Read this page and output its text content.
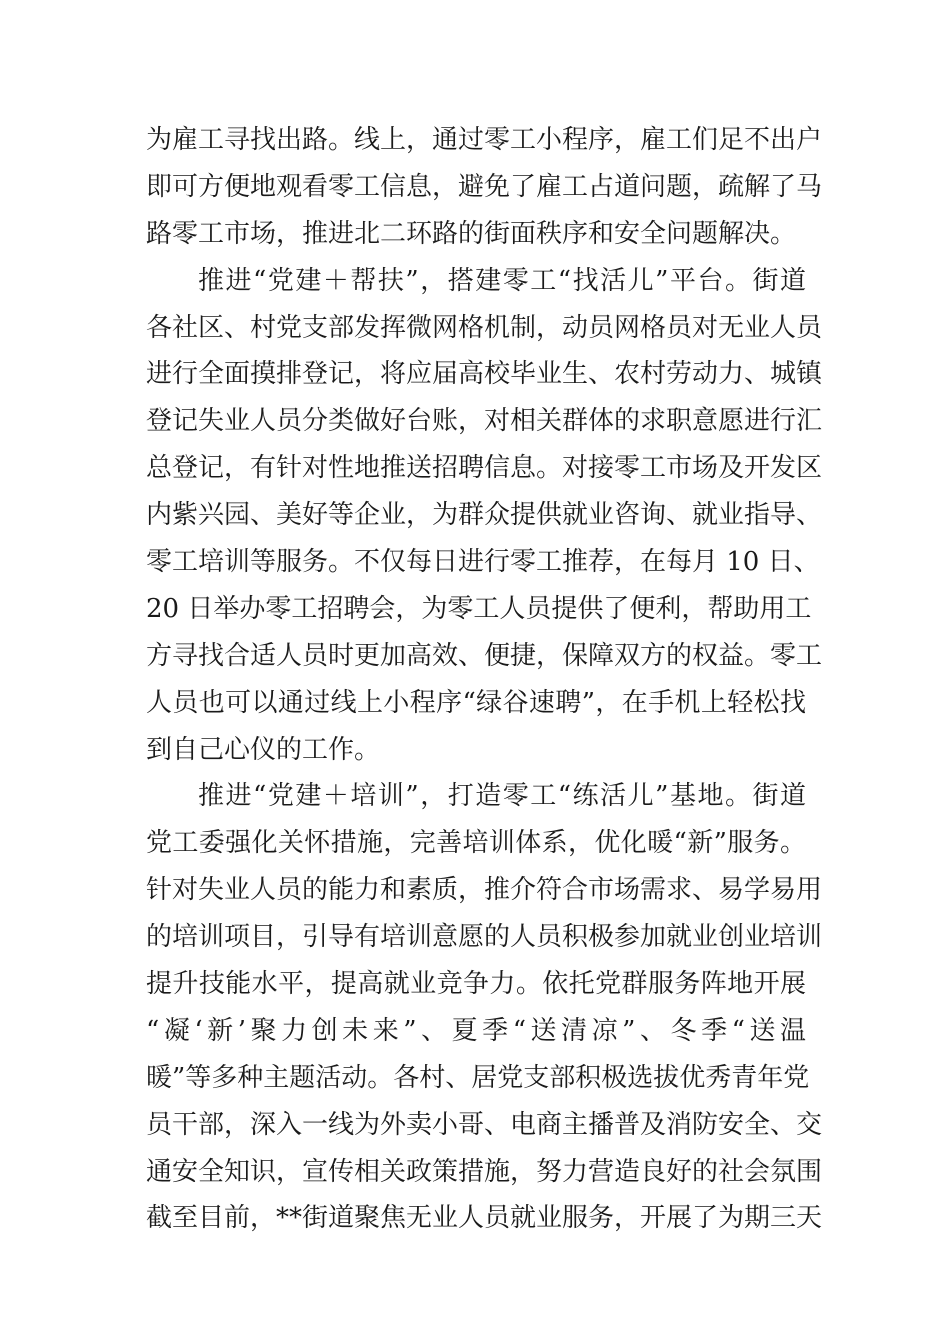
为雇工寻找出路。线上，通过零工小程序，雇工们足不出户
即可方便地观看零工信息，避免了雇工占道问题，疏解了马
路零工市场，推进北二环路的街面秩序和安全问题解决。
推进“党建＋帮扶”，搭建零工“找活儿”平台。街道
各社区、村党支部发挥微网格机制，动员网格员对无业人员
进行全面摸排登记，将应届高校毕业生、农村劳动力、城镇
登记失业人员分类做好台账，对相关群体的求职意愿进行汇
总登记，有针对性地推送招聘信息。对接零工市场及开发区
内紫兴园、美好等企业，为群众提供就业咨询、就业指导、
零工培训等服务。不仅每日进行零工推荐，在每月 10 日、
20 日举办零工招聘会，为零工人员提供了便利，帮助用工
方寻找合适人员时更加高效、便捷，保障双方的权益。零工
人员也可以通过线上小程序“绿谷速聘”，在手机上轻松找
到自己心仪的工作。
推进“党建＋培训”，打造零工“练活儿”基地。街道
党工委强化关怀措施，完善培训体系，优化暖“新”服务。
针对失业人员的能力和素质，推介符合市场需求、易学易用
的培训项目，引导有培训意愿的人员积极参加就业创业培训
提升技能水平，提高就业竞争力。依托党群服务阵地开展
“凝‘新’聚力创未来”、夏季“送清凉”、冬季“送温
暖”等多种主题活动。各村、居党支部积极选拔优秀青年党
员干部，深入一线为外卖小哥、电商主播普及消防安全、交
通安全知识，宣传相关政策措施，努力营造良好的社会氛围
截至目前，**街道聚焦无业人员就业服务，开展了为期三天
